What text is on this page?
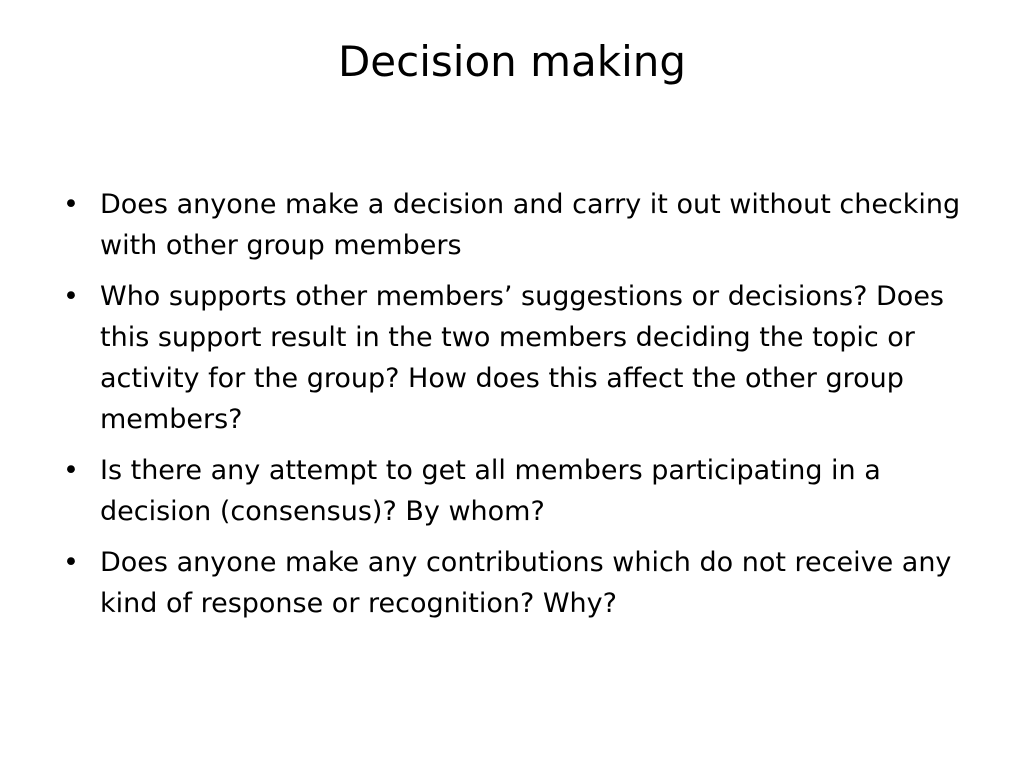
Decision making
• Does anyone make a decision and carry it out without checking with other group members
• Who supports other members’ suggestions or decisions? Does this support result in the two members deciding the topic or activity for the group? How does this affect the other group members?
• Is there any attempt to get all members participating in a decision (consensus)? By whom?
• Does anyone make any contributions which do not receive any kind of response or recognition? Why?
